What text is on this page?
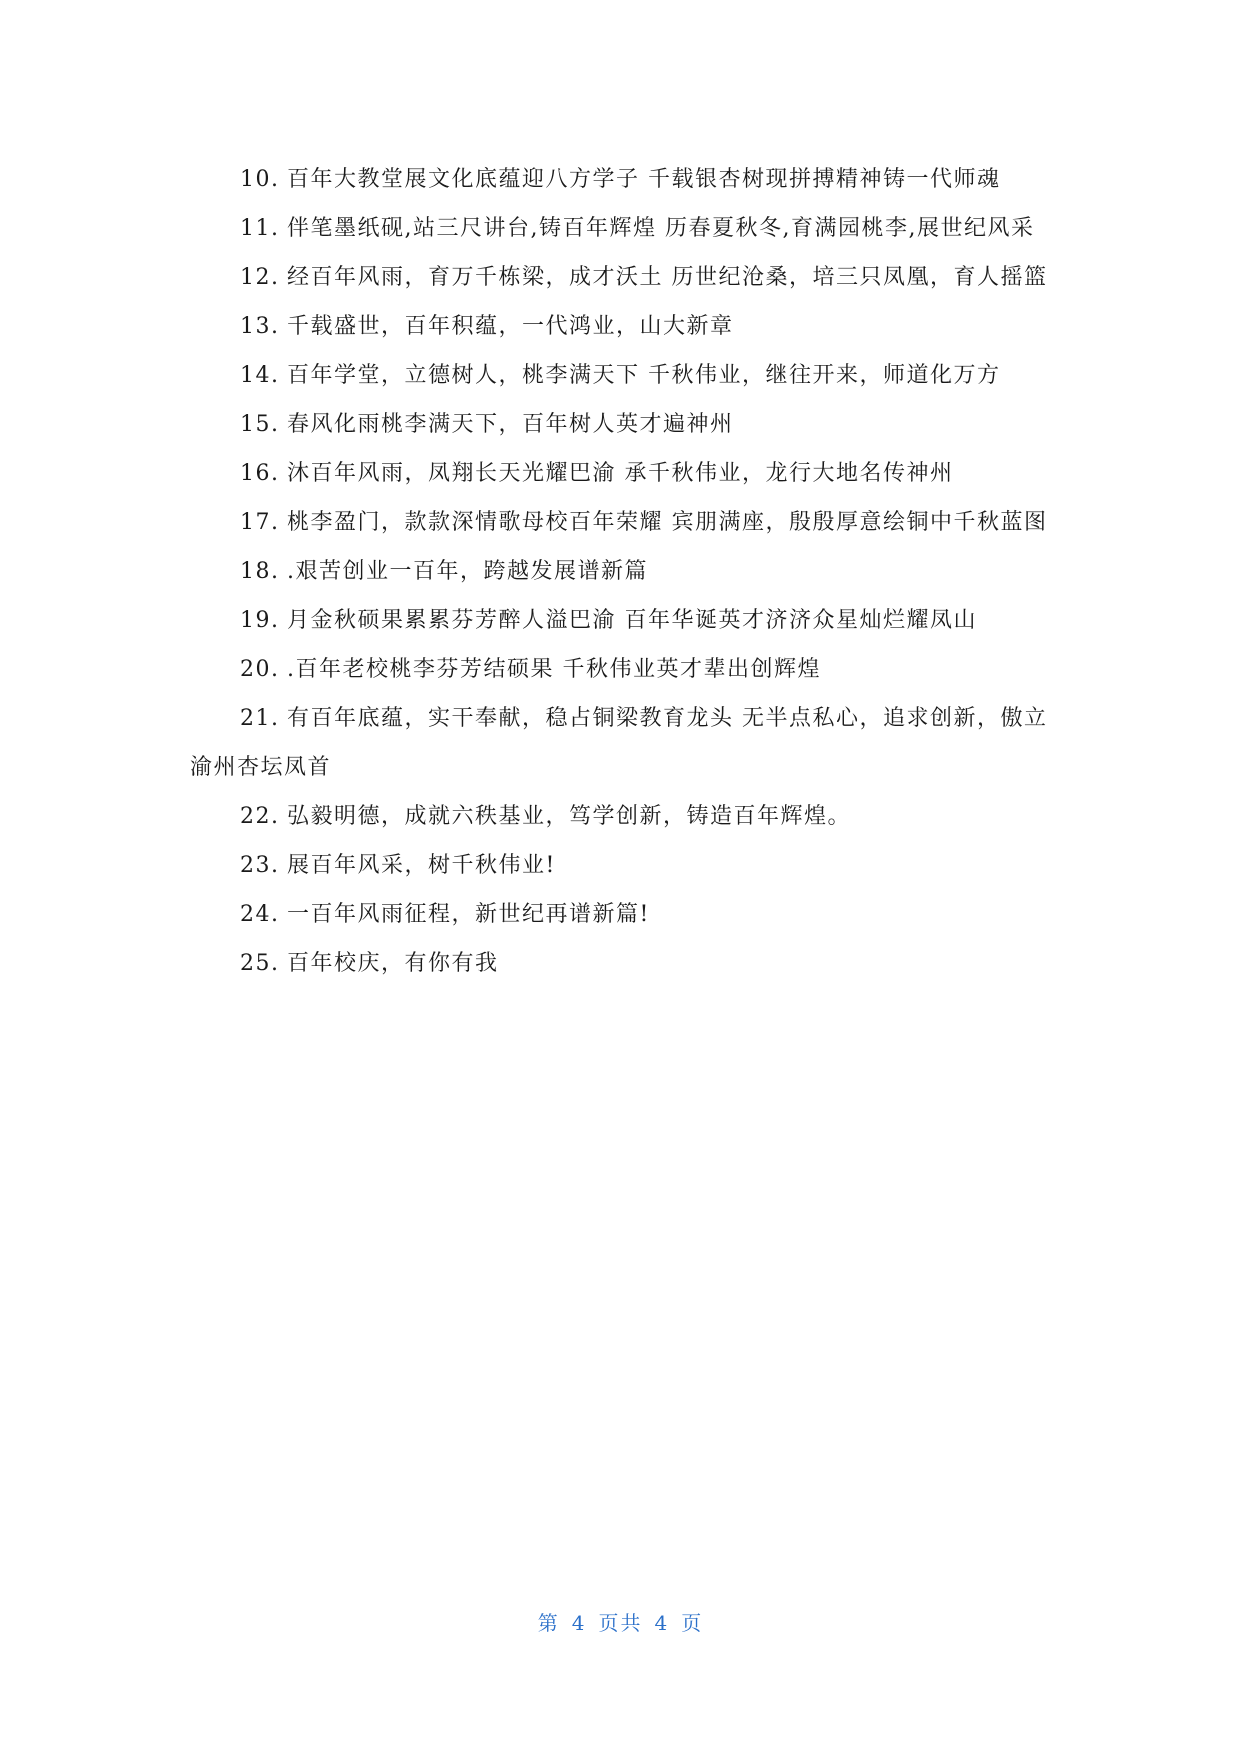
10. 百年大教堂展文化底蕴迎八方学子 千载银杏树现拼搏精神铸一代师魂
11. 伴笔墨纸砚,站三尺讲台,铸百年辉煌 历春夏秋冬,育满园桃李,展世纪风采
12. 经百年风雨，育万千栋梁，成才沃土 历世纪沧桑，培三只凤凰，育人摇篮
13. 千载盛世，百年积蕴，一代鸿业，山大新章
14. 百年学堂，立德树人，桃李满天下 千秋伟业，继往开来，师道化万方
15. 春风化雨桃李满天下，百年树人英才遍神州
16. 沐百年风雨，凤翔长天光耀巴渝 承千秋伟业，龙行大地名传神州
17. 桃李盈门，款款深情歌母校百年荣耀 宾朋满座，殷殷厚意绘铜中千秋蓝图
18. .艰苦创业一百年，跨越发展谱新篇
19. 月金秋硕果累累芬芳醉人溢巴渝 百年华诞英才济济众星灿烂耀凤山
20. .百年老校桃李芬芳结硕果 千秋伟业英才辈出创辉煌
21. 有百年底蕴，实干奉献，稳占铜梁教育龙头 无半点私心，追求创新，傲立渝州杏坛凤首
22. 弘毅明德，成就六秩基业，笃学创新，铸造百年辉煌。
23. 展百年风采，树千秋伟业!
24. 一百年风雨征程，新世纪再谱新篇!
25. 百年校庆，有你有我
第 4 页共 4 页
